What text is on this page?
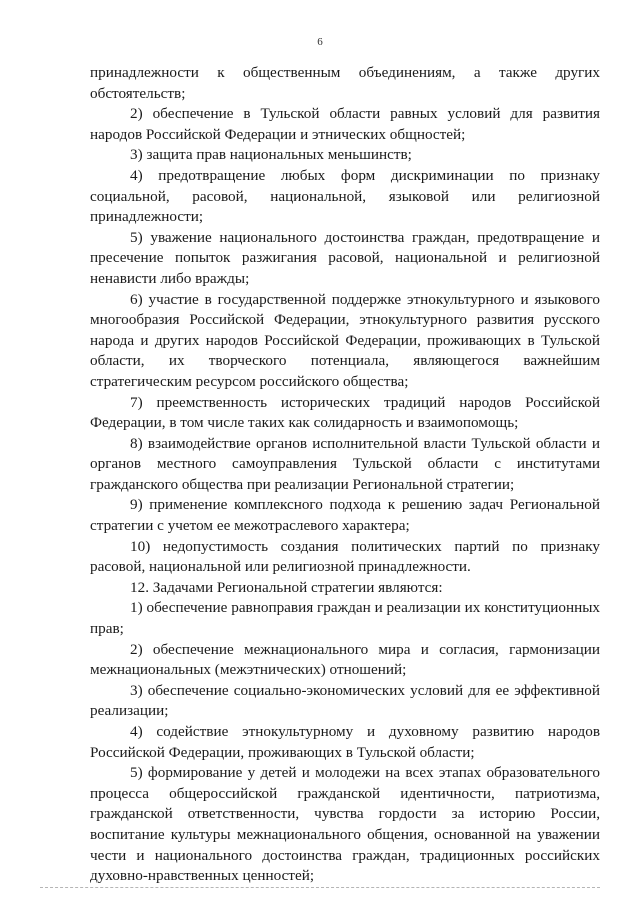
6

принадлежности к общественным объединениям, а также других обстоятельств;

2) обеспечение в Тульской области равных условий для развития народов Российской Федерации и этнических общностей;

3) защита прав национальных меньшинств;

4) предотвращение любых форм дискриминации по признаку социальной, расовой, национальной, языковой или религиозной принадлежности;

5) уважение национального достоинства граждан, предотвращение и пресечение попыток разжигания расовой, национальной и религиозной ненависти либо вражды;

6) участие в государственной поддержке этнокультурного и языкового многообразия Российской Федерации, этнокультурного развития русского народа и других народов Российской Федерации, проживающих в Тульской области, их творческого потенциала, являющегося важнейшим стратегическим ресурсом российского общества;

7) преемственность исторических традиций народов Российской Федерации, в том числе таких как солидарность и взаимопомощь;

8) взаимодействие органов исполнительной власти Тульской области и органов местного самоуправления Тульской области с институтами гражданского общества при реализации Региональной стратегии;

9) применение комплексного подхода к решению задач Региональной стратегии с учетом ее межотраслевого характера;

10) недопустимость создания политических партий по признаку расовой, национальной или религиозной принадлежности.

12. Задачами Региональной стратегии являются:

1) обеспечение равноправия граждан и реализации их конституционных прав;

2) обеспечение межнационального мира и согласия, гармонизации межнациональных (межэтнических) отношений;

3) обеспечение социально-экономических условий для ее эффективной реализации;

4) содействие этнокультурному и духовному развитию народов Российской Федерации, проживающих в Тульской области;

5) формирование у детей и молодежи на всех этапах образовательного процесса общероссийской гражданской идентичности, патриотизма, гражданской ответственности, чувства гордости за историю России, воспитание культуры межнационального общения, основанной на уважении чести и национального достоинства граждан, традиционных российских духовно-нравственных ценностей;
